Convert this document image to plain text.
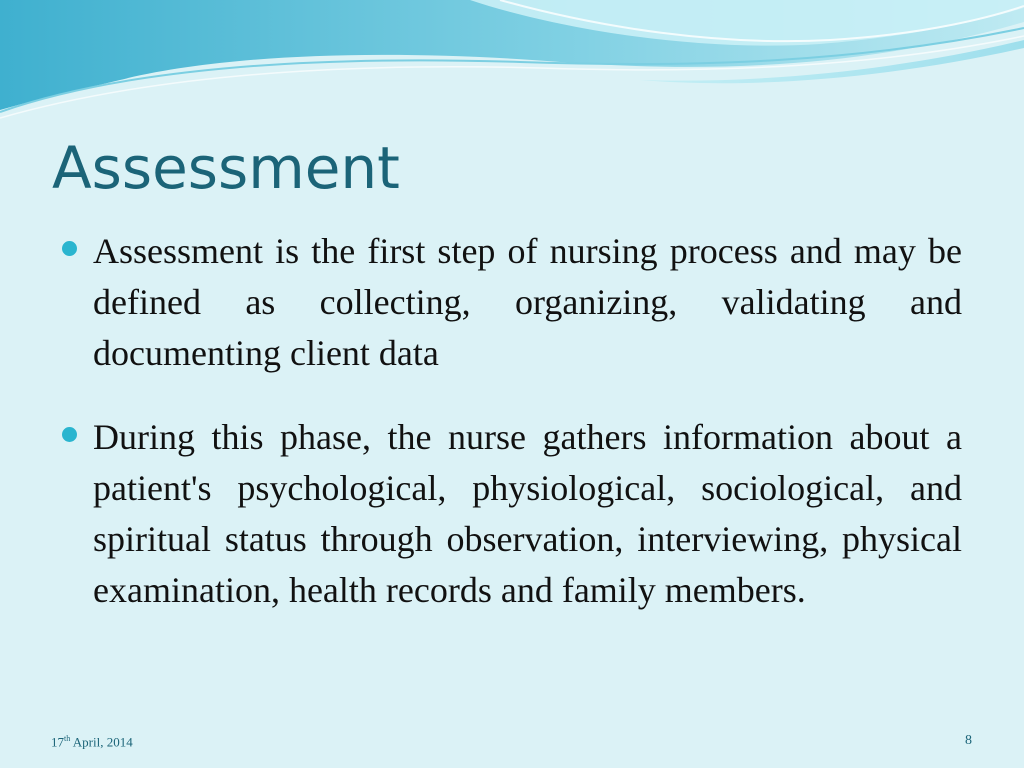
Assessment
Assessment is the first step of nursing process and may be defined as collecting, organizing, validating and documenting client data
During this phase, the nurse gathers information about a patient's psychological, physiological, sociological, and spiritual status through observation, interviewing, physical examination, health records and family members.
17th April, 2014	8
